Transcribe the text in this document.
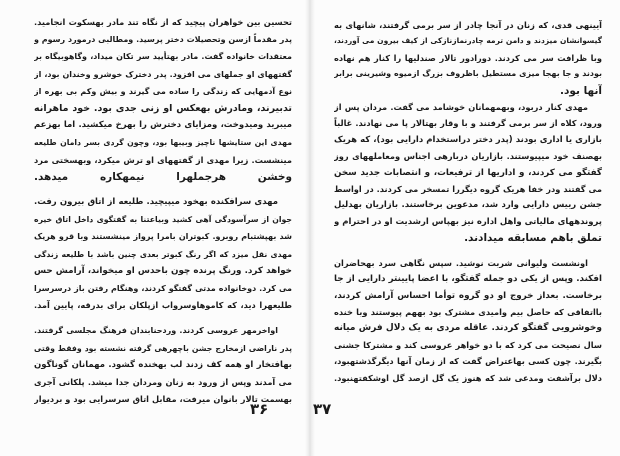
تحسین بین خواهران پیچید که از نگاه تند مادر بهسکوت انجامید.
پدر مقدماً ازسن وتحصیلات دختر پرسید. ومطالبی درمورد رسوم و
معتقدات خانواده گفت. مادر بهتأیید سر تکان میداد، وگاهوبیگاه بر
گفتههای او جملهای می افزود. پدر دخترک خوشرو وخندان بود، از
نوع آدمهایی که زندگی را ساده می گیرند و بیش وکم بی بهره از
تدبیرند، ومادرش بهعکس او زنی جدی بود. خود ماهرانه
میبرید ومیدوخت، ومزایای دخترش را بهرخ میکشید. اما بهزعم
مهدی این ستایشها ناچیز وبیبها بود، وچون گردی بسر دامان طلیعه
مینشست. زیرا مهدی از گفتههای او ترش میکرد، وبهسختی مرد
وخشن هرجملهرا نیمهکاره میدهد.
مهدی سرافکنده بهخود میپیچید. طلیعه از اتاق بیرون رفت.
جوان از سرآسودگی آهی کشید وبیاعتنا به گفتگوی داخل اتاق خیره
شد بهپشتبام روبرو. کبوتران بامرا پرواز مینشستند وبا قرو هریک
مهدی نقل میزد که اگر رنگ کبوتر بعدی چنین باشد با طلیعه زندگی
خواهد کرد. ورنگ پرنده چون باحدس او میخواند، آرامش حس
می کرد. دوخانواده مدتی گفتگو کردند، وهنگام رفتن باز درسرسرا
طلیعهرا دید، که کاموهاوسرواب ازپلکان برای بدرقه، پایین آمد.
اواخرمهر عروسی کردند. وردحنابندان فرهنگ مجلسی گرفتند.
پدر ناراضی ازمخارج جشن باچهرهی گرفته نشسته بود وفقط وقتی
بهافتخار او همه کف زدند لب بهخنده گشود. مهمانان گوناگون
می آمدند وپس از ورود به زنان ومردان جدا میشد. پلکانی آجری
بهسمت تالار بانوان میرفت، مقابل اتاق سرسرایی بود و بردیوار
۳۶
آیینهی قدی، که زنان در آنجا چادر از سر برمی گرفتند، شانهای به
گیسوانشان میزدند و دامن ترمه چادرنمازنازکی از کیف بیرون می آوردند،
وبا ظرافت سر می کردند. دورادور تالار صندلیها را کنار هم نهاده
بودند و جا بهجا میزی مستطیل باظروف بزرگ ازمیوه وشیرینی برابر
آنها بود.
مهدی کنار دربود، وبهمهمانان خوشامد می گفت. مردان پس از
ورود، کلاه از سر برمی گرفتند و با وقار بهتالار پا می نهادند. غالباً
بازاری یا اداری بودند (پدر دختر دراستخدام دارایی بود)، که هریک
بهصنف خود میپیوستند. بازاریان دربارهی اجناس ومعاملههای روز
گفتگو می کردند، و اداریها از ترفیعات، و انتصابات جدید سخن
می گفتند ودر خفا هریک گروه دیگررا تمسخر می کردند. در اواسط
جشن رییس دارایی وارد شد، مدعوین برخاستند. بازاریان بهدلیل
پروندههای مالیاتی واهل اداره نیز بهپاس ارشدیت او در احترام و
تملق باهم مسابقه میدادند.
اونشست ولیوانی شربت نوشید. سپس نگاهی سرد بهحاضران
افکند. وپس از یکی دو جمله گفتگو، با اعضا پایینتر دارایی از جا
برخاست. بعداز خروج او دو گروه توأما احساس آرامش کردند،
بااتفاقی که حاصل بیم وامیدی مشترک بود بههم پیوستند وبا خنده
وخوشرویی گفتگو کردند. عاقله مردی به یک دلال فرش میانه
سال نصیحت می کرد که با دو خواهر عروسی کند و مشترکا جشنی
بگیرند. چون کسی بهاعتراض گفت که از زمان آنها دیگرگذشتهبود،
دلال برآشفت ومدعی شد که هنوز یک گل ازصد گل اوشکفتهنبود.
۳۷
